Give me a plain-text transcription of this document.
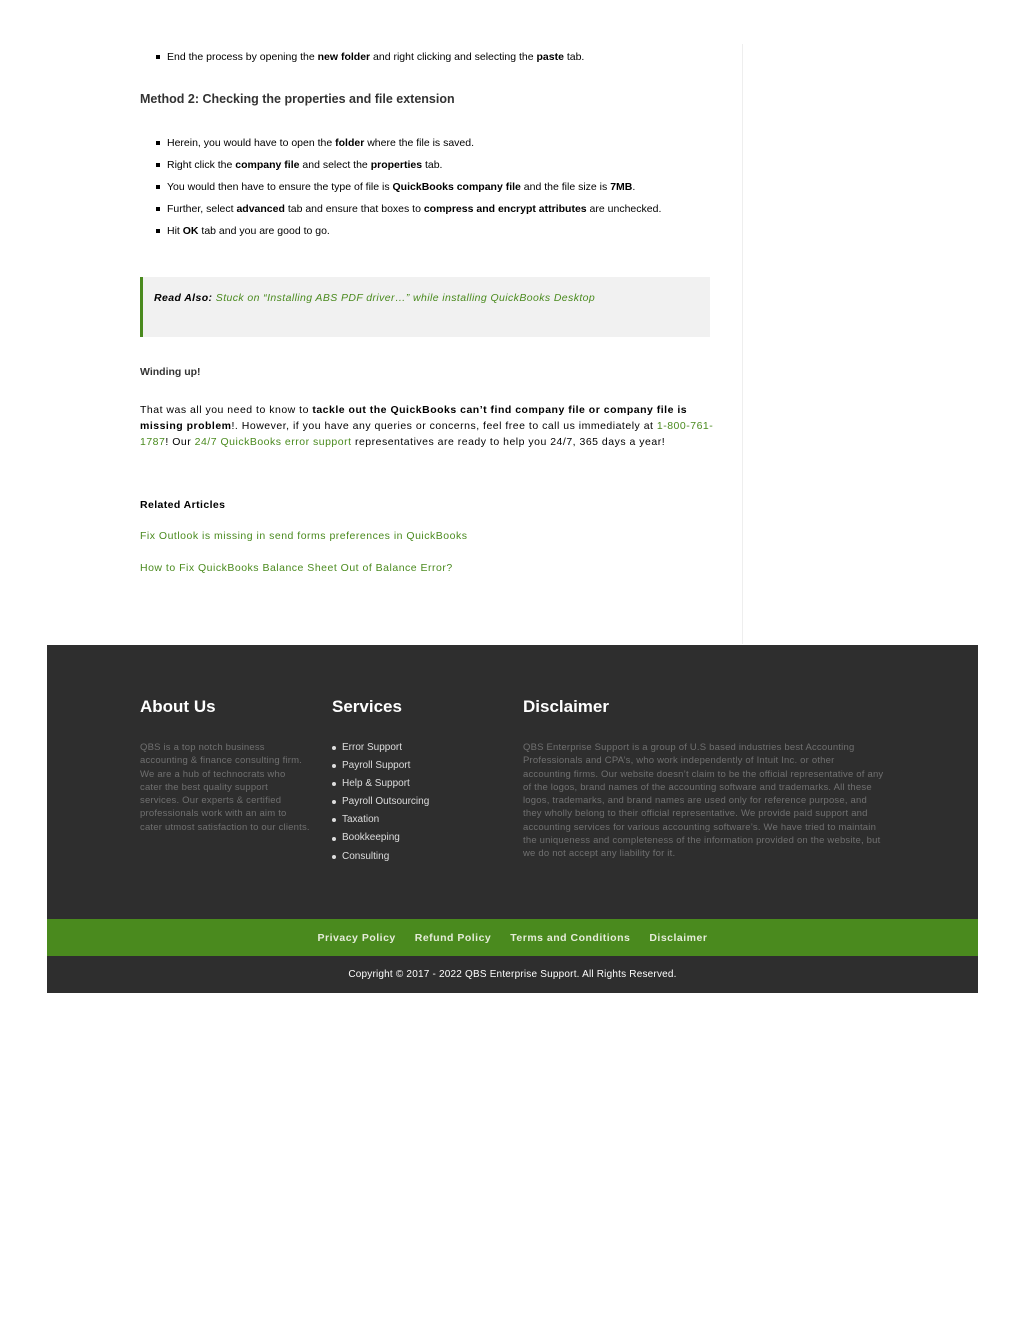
End the process by opening the new folder and right clicking and selecting the paste tab.
Method 2: Checking the properties and file extension
Herein, you would have to open the folder where the file is saved.
Right click the company file and select the properties tab.
You would then have to ensure the type of file is QuickBooks company file and the file size is 7MB.
Further, select advanced tab and ensure that boxes to compress and encrypt attributes are unchecked.
Hit OK tab and you are good to go.

Read Also: Stuck on “Installing ABS PDF driver…” while installing QuickBooks Desktop

Winding up!

That was all you need to know to tackle out the QuickBooks can’t find company file or company file is missing problem!. However, if you have any queries or concerns, feel free to call us immediately at 1-800-761-1787! Our 24/7 QuickBooks error support representatives are ready to help you 24/7, 365 days a year!

Related Articles
Fix Outlook is missing in send forms preferences in QuickBooks
How to Fix QuickBooks Balance Sheet Out of Balance Error?
About Us

QBS is a top notch business accounting & finance consulting firm. We are a hub of technocrats who cater the best quality support services. Our experts & certified professionals work with an aim to cater utmost satisfaction to our clients.

Services
Error Support
Payroll Support
Help & Support
Payroll Outsourcing
Taxation
Bookkeeping
Consulting
Disclaimer

QBS Enterprise Support is a group of U.S based industries best Accounting Professionals and CPA’s, who work independently of Intuit Inc. or other accounting firms. Our website doesn’t claim to be the official representative of any of the logos, brand names of the accounting software and trademarks. All these logos, trademarks, and brand names are used only for reference purpose, and they wholly belong to their official representative. We provide paid support and accounting services for various accounting software’s. We have tried to maintain the uniqueness and completeness of the information provided on the website, but we do not accept any liability for it.

Privacy Policy Refund Policy Terms and Conditions Disclaimer
Copyright © 2017 - 2022 QBS Enterprise Support. All Rights Reserved.
